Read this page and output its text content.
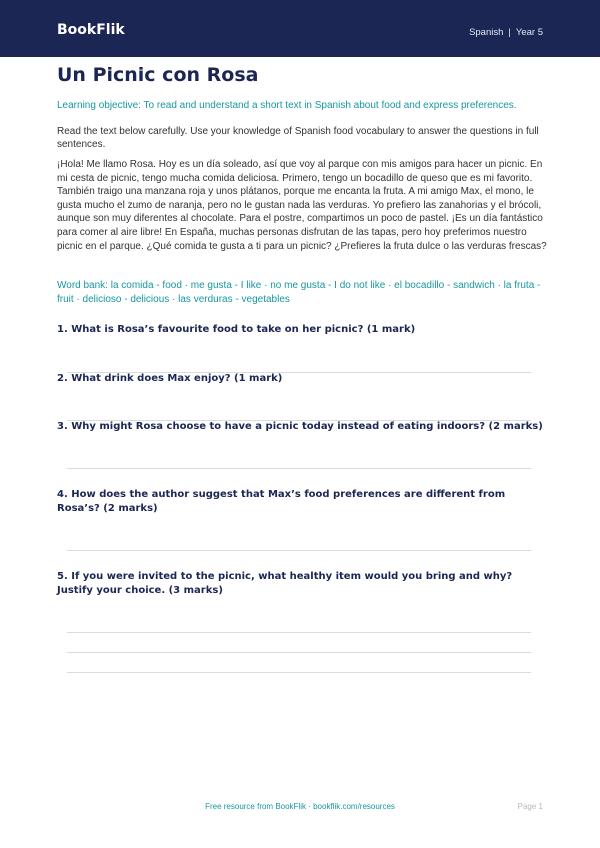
BookFlik	Spanish | Year 5
Un Picnic con Rosa

Learning objective: To read and understand a short text in Spanish about food and express preferences.

Read the text below carefully. Use your knowledge of Spanish food vocabulary to answer the questions in full sentences.

¡Hola! Me llamo Rosa. Hoy es un día soleado, así que voy al parque con mis amigos para hacer un picnic. En mi cesta de picnic, tengo mucha comida deliciosa. Primero, tengo un bocadillo de queso que es mi favorito. También traigo una manzana roja y unos plátanos, porque me encanta la fruta. A mi amigo Max, el mono, le gusta mucho el zumo de naranja, pero no le gustan nada las verduras. Yo prefiero las zanahorias y el brócoli, aunque son muy diferentes al chocolate. Para el postre, compartimos un poco de pastel. ¡Es un día fantástico para comer al aire libre! En España, muchas personas disfrutan de las tapas, pero hoy preferimos nuestro picnic en el parque. ¿Qué comida te gusta a ti para un picnic? ¿Prefieres la fruta dulce o las verduras frescas?

Word bank: la comida - food · me gusta - I like · no me gusta - I do not like · el bocadillo - sandwich · la fruta - fruit · delicioso - delicious · las verduras - vegetables

1. What is Rosa’s favourite food to take on her picnic? (1 mark)

2. What drink does Max enjoy? (1 mark)

3. Why might Rosa choose to have a picnic today instead of eating indoors? (2 marks)

4. How does the author suggest that Max’s food preferences are different from Rosa’s? (2 marks)

5. If you were invited to the picnic, what healthy item would you bring and why? Justify your choice. (3 marks)

Free resource from BookFlik · bookflik.com/resources	Page 1
